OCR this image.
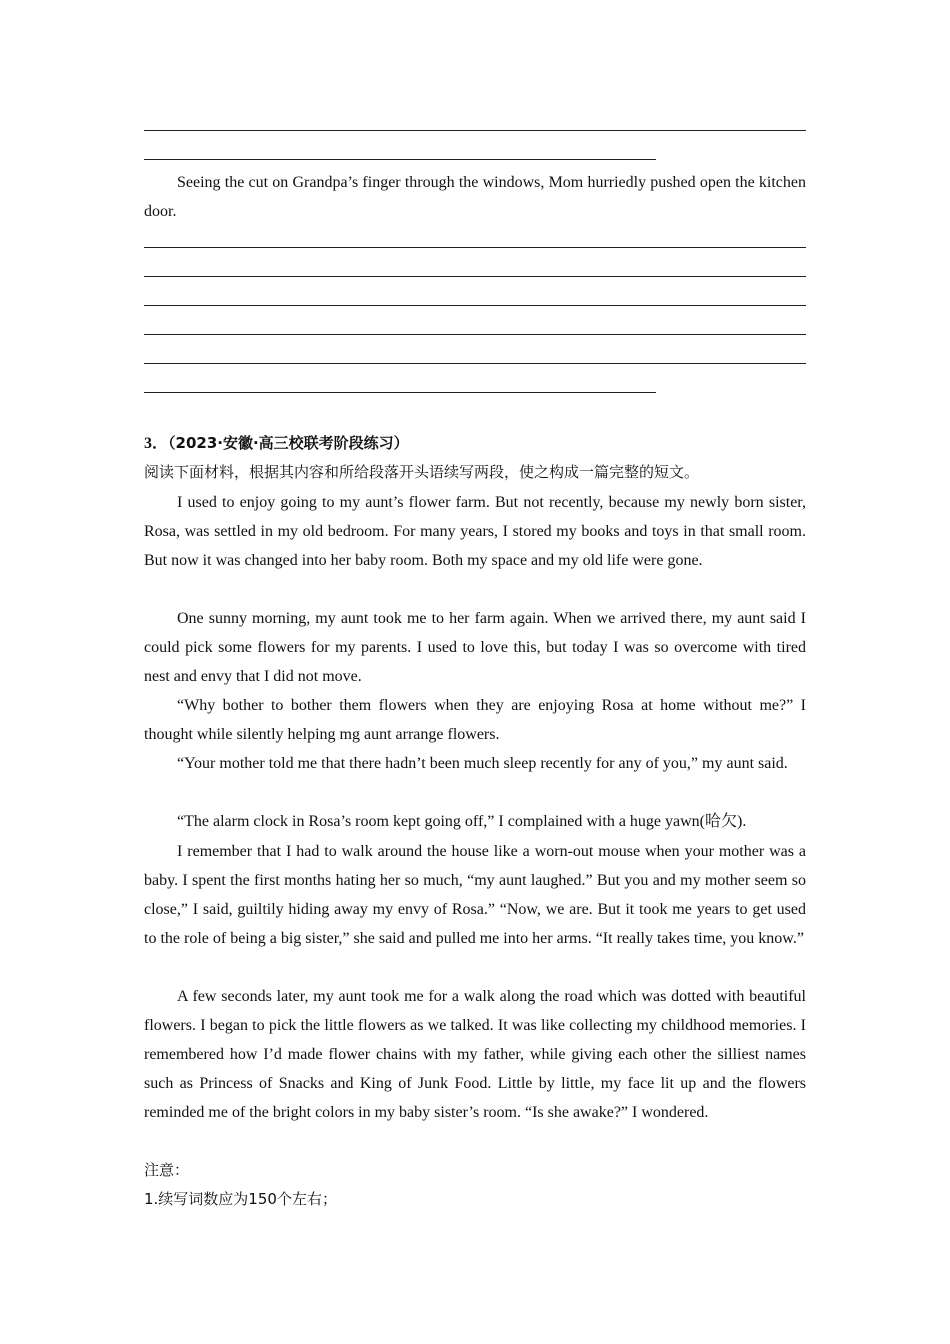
Seeing the cut on Grandpa’s finger through the windows, Mom hurriedly pushed open the kitchen door.

3．（2023·安徽·高三校联考阶段练习）

阅读下面材料，根据其内容和所给段落开头语续写两段，使之构成一篇完整的短文。

I used to enjoy going to my aunt’s flower farm. But not recently, because my newly born sister, Rosa, was settled in my old bedroom. For many years, I stored my books and toys in that small room. But now it was changed into her baby room. Both my space and my old life were gone.

One sunny morning, my aunt took me to her farm again. When we arrived there, my aunt said I could pick some flowers for my parents. I used to love this, but today I was so overcome with tired nest and envy that I did not move.

“Why bother to bother them flowers when they are enjoying Rosa at home without me?” I thought while silently helping mg aunt arrange flowers.

“Your mother told me that there hadn’t been much sleep recently for any of you,” my aunt said.

“The alarm clock in Rosa’s room kept going off,” I complained with a huge yawn(哈欠).

I remember that I had to walk around the house like a worn-out mouse when your mother was a baby. I spent the first months hating her so much, “my aunt laughed.” But you and my mother seem so close,” I said, guiltily hiding away my envy of Rosa.” “Now, we are. But it took me years to get used to the role of being a big sister,” she said and pulled me into her arms. “It really takes time, you know.”

A few seconds later, my aunt took me for a walk along the road which was dotted with beautiful flowers. I began to pick the little flowers as we talked. It was like collecting my childhood memories. I remembered how I’d made flower chains with my father, while giving each other the silliest names such as Princess of Snacks and King of Junk Food. Little by little, my face lit up and the flowers reminded me of the bright colors in my baby sister’s room. “Is she awake?” I wondered.

注意：

1.续写词数应为150个左右；
